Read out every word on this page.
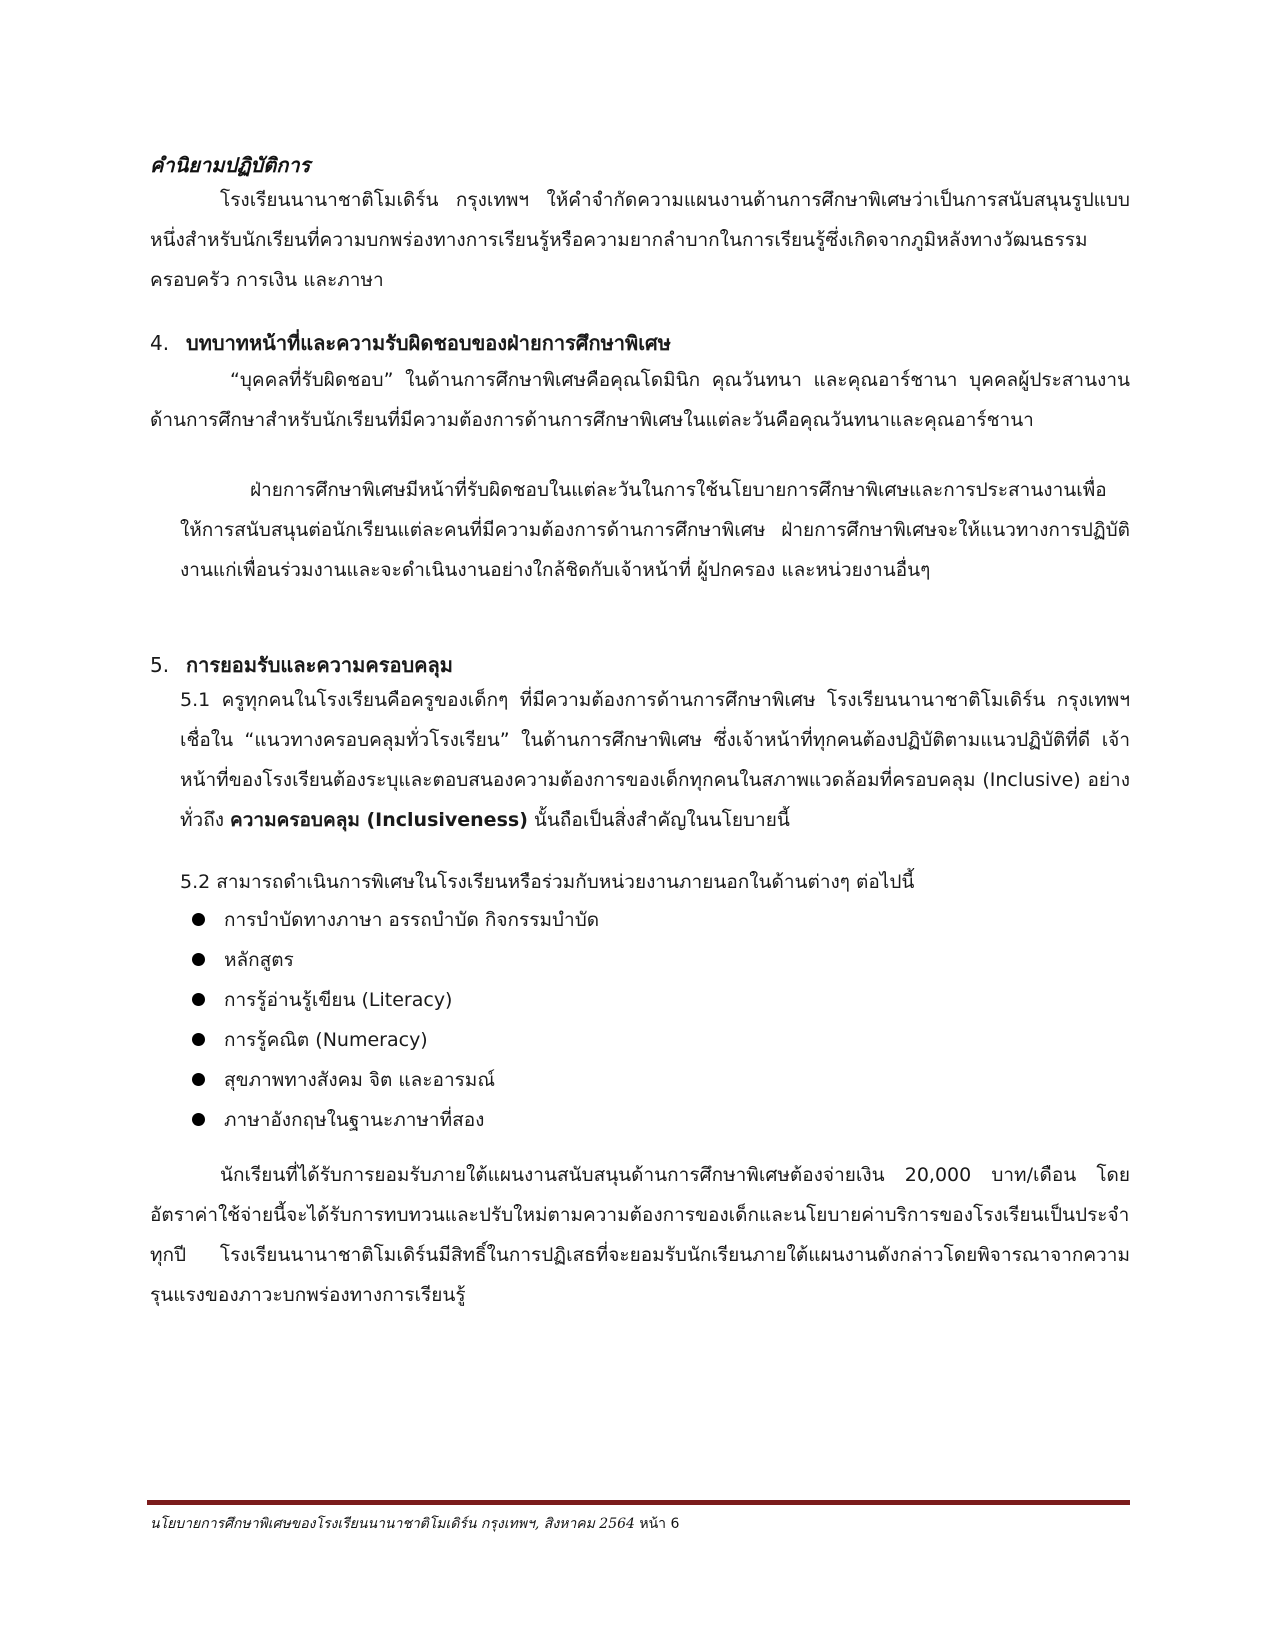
คำนิยามปฏิบัติการ
โรงเรียนนานาชาติโมเดิร์น กรุงเทพฯ ให้คำจำกัดความแผนงานด้านการศึกษาพิเศษว่าเป็นการสนับสนุนรูปแบบหนึ่งสำหรับนักเรียนที่ความบกพร่องทางการเรียนรู้หรือความยากลำบากในการเรียนรู้ซึ่งเกิดจากภูมิหลังทางวัฒนธรรม ครอบครัว การเงิน และภาษา
4. บทบาทหน้าที่และความรับผิดชอบของฝ่ายการศึกษาพิเศษ
“บุคคลที่รับผิดชอบ” ในด้านการศึกษาพิเศษคือคุณโดมินิก คุณวันทนา และคุณอาร์ชานา บุคคลผู้ประสานงานด้านการศึกษาสำหรับนักเรียนที่มีความต้องการด้านการศึกษาพิเศษในแต่ละวันคือคุณวันทนาและคุณอาร์ชานา
ฝ่ายการศึกษาพิเศษมีหน้าที่รับผิดชอบในแต่ละวันในการใช้นโยบายการศึกษาพิเศษและการประสานงานเพื่อให้การสนับสนุนต่อนักเรียนแต่ละคนที่มีความต้องการด้านการศึกษาพิเศษ ฝ่ายการศึกษาพิเศษจะให้แนวทางการปฏิบัติงานแก่เพื่อนร่วมงานและจะดำเนินงานอย่างใกล้ชิดกับเจ้าหน้าที่ ผู้ปกครอง และหน่วยงานอื่นๆ
5. การยอมรับและความครอบคลุม
5.1 ครูทุกคนในโรงเรียนคือครูของเด็กๆ ที่มีความต้องการด้านการศึกษาพิเศษ โรงเรียนนานาชาติโมเดิร์น กรุงเทพฯ เชื่อใน “แนวทางครอบคลุมทั่วโรงเรียน” ในด้านการศึกษาพิเศษ ซึ่งเจ้าหน้าที่ทุกคนต้องปฏิบัติตามแนวปฏิบัติที่ดี เจ้าหน้าที่ของโรงเรียนต้องระบุและตอบสนองความต้องการของเด็กทุกคนในสภาพแวดล้อมที่ครอบคลุม (Inclusive) อย่างทั่วถึง ความครอบคลุม (Inclusiveness) นั้นถือเป็นสิ่งสำคัญในนโยบายนี้
5.2 สามารถดำเนินการพิเศษในโรงเรียนหรือร่วมกับหน่วยงานภายนอกในด้านต่างๆ ต่อไปนี้
การบำบัดทางภาษา อรรถบำบัด กิจกรรมบำบัด
หลักสูตร
การรู้อ่านรู้เขียน (Literacy)
การรู้คณิต (Numeracy)
สุขภาพทางสังคม จิต และอารมณ์
ภาษาอังกฤษในฐานะภาษาที่สอง
นักเรียนที่ได้รับการยอมรับภายใต้แผนงานสนับสนุนด้านการศึกษาพิเศษต้องจ่ายเงิน 20,000 บาท/เดือน โดยอัตราค่าใช้จ่ายนี้จะได้รับการทบทวนและปรับใหม่ตามความต้องการของเด็กและนโยบายค่าบริการของโรงเรียนเป็นประจำทุกปี โรงเรียนนานาชาติโมเดิร์นมีสิทธิ์ในการปฏิเสธที่จะยอมรับนักเรียนภายใต้แผนงานดังกล่าวโดยพิจารณาจากความรุนแรงของภาวะบกพร่องทางการเรียนรู้
นโยบายการศึกษาพิเศษของโรงเรียนนานาชาติโมเดิร์น กรุงเทพฯ, สิงหาคม 2564 หน้า 6
